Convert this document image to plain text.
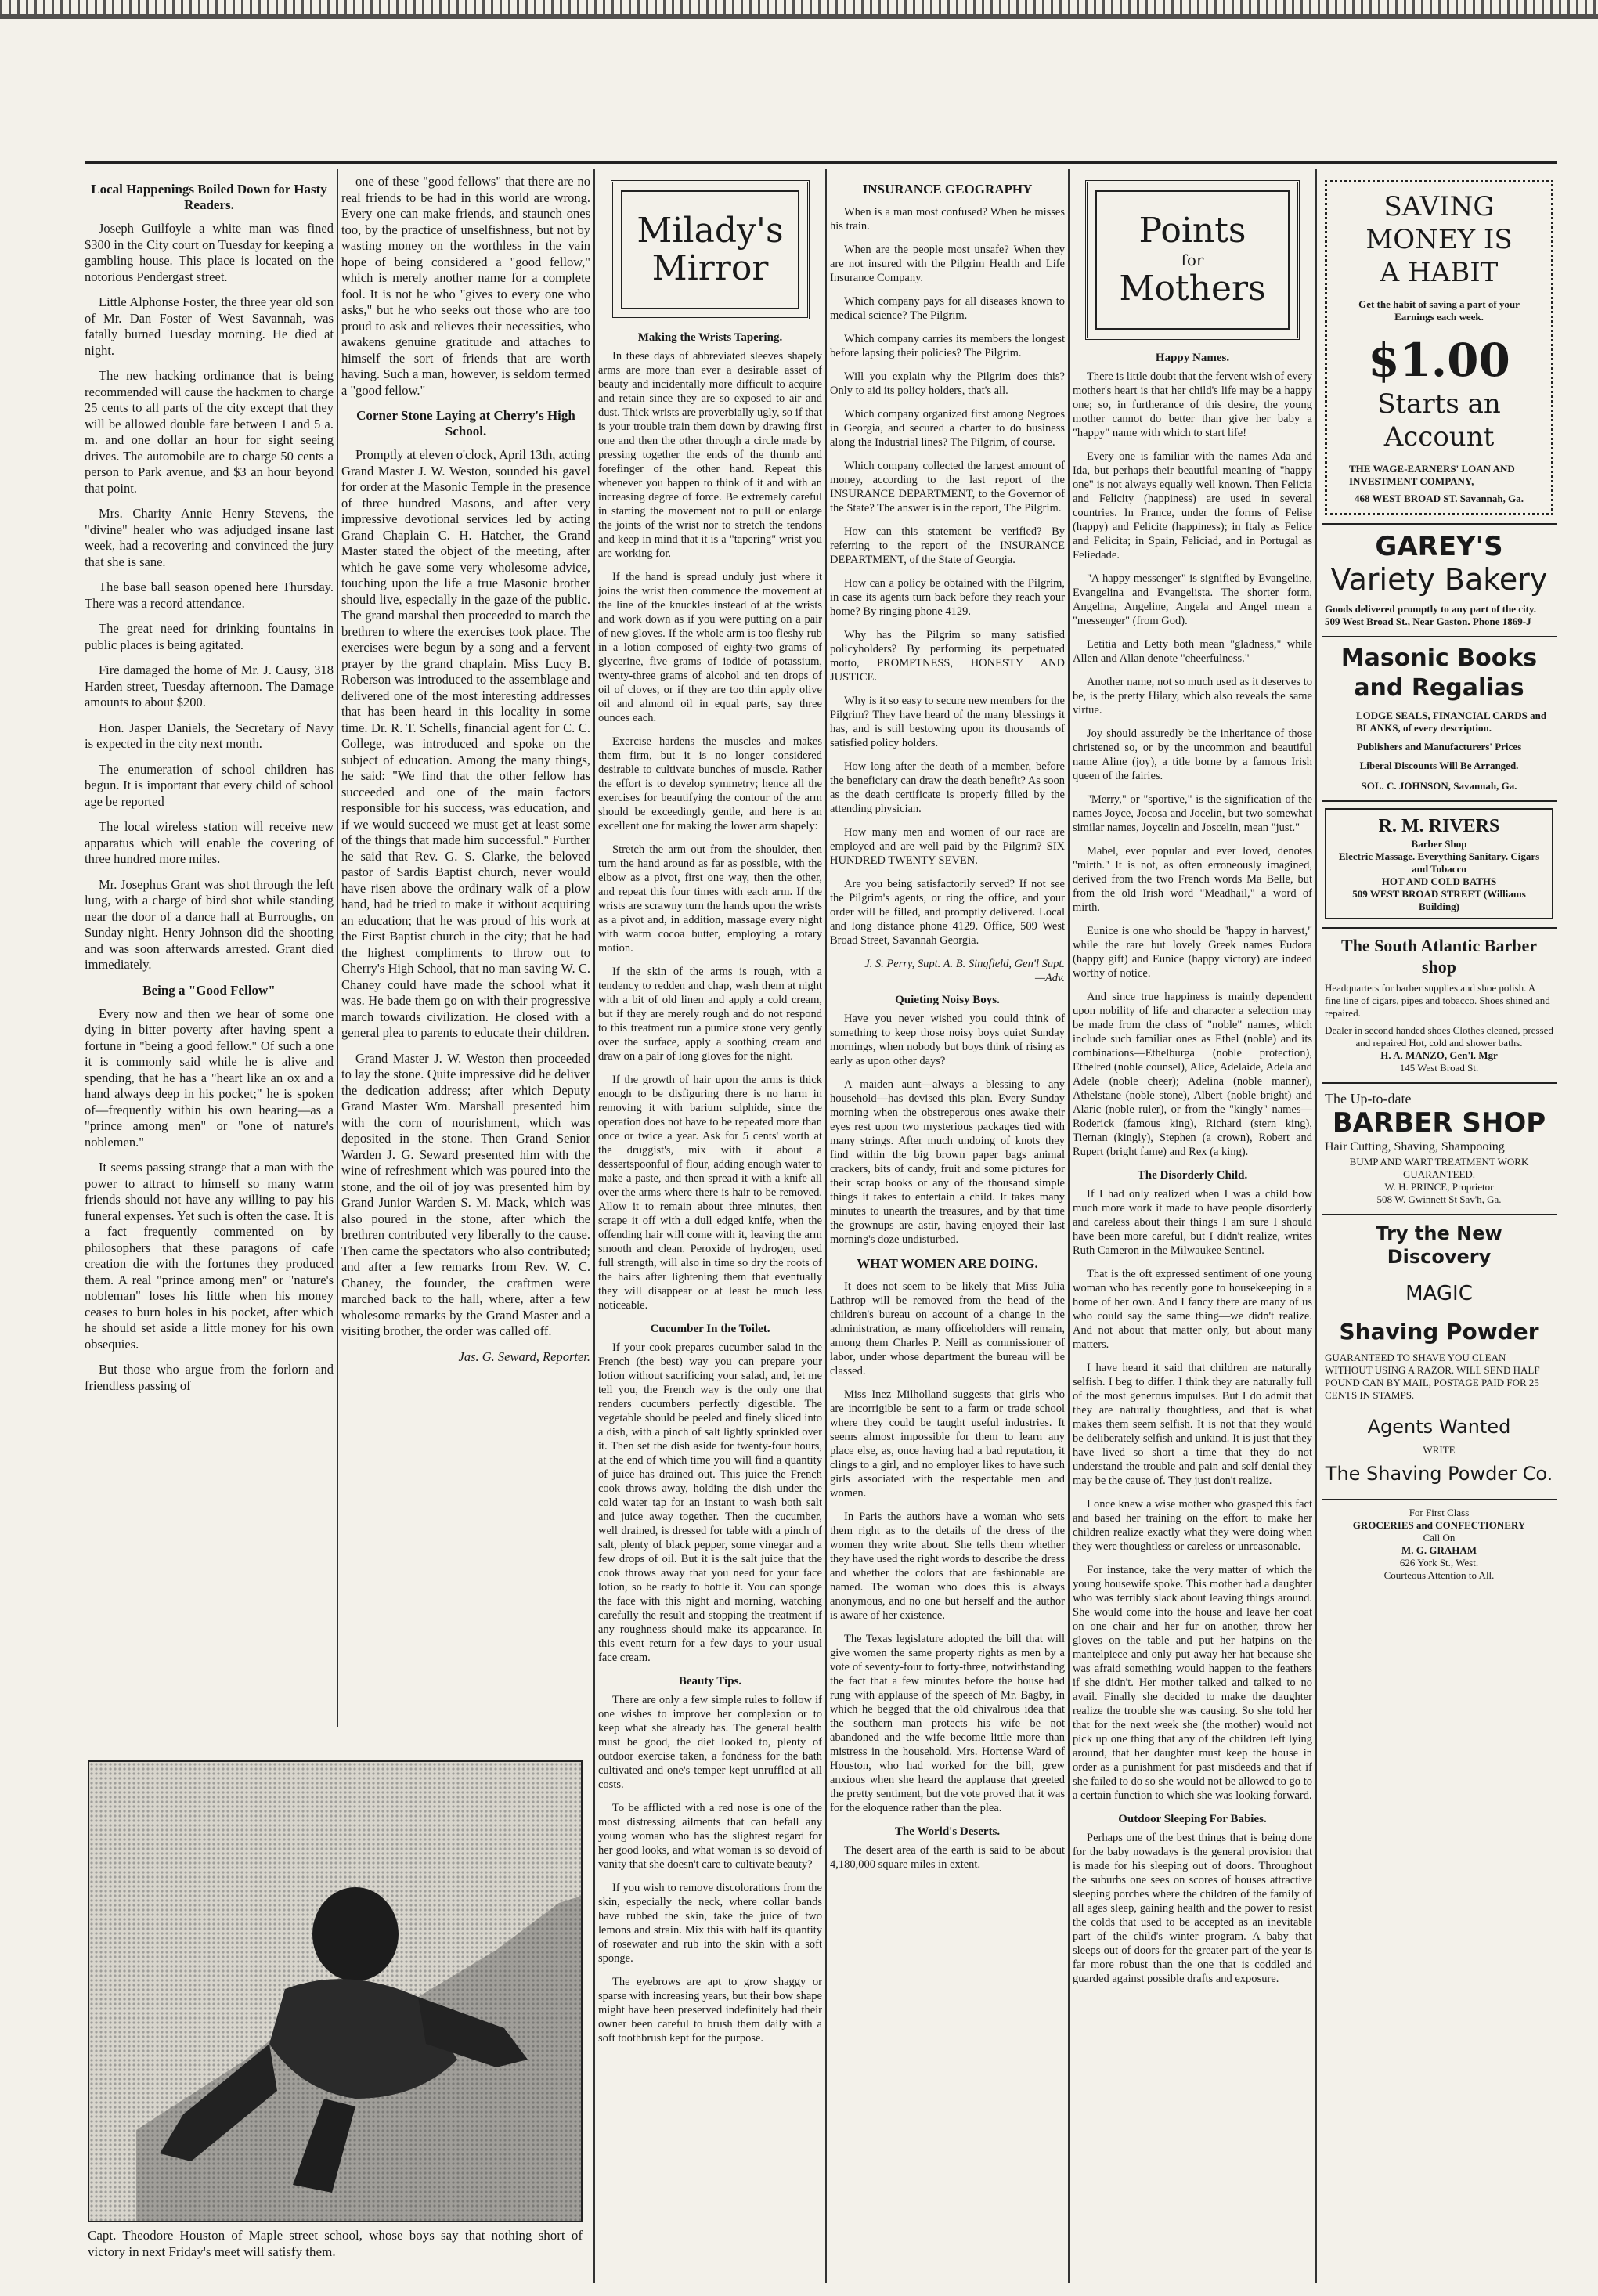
Local Happenings Boiled Down for Hasty Readers.

Joseph Guilfoyle a white man was fined $300 in the City court on Tuesday for keeping a gambling house. This place is located on the notorious Pendergast street.

Little Alphonse Foster, the three year old son of Mr. Dan Foster of West Savannah, was fatally burned Tuesday morning. He died at night.

The new hacking ordinance that is being recommended will cause the hackmen to charge 25 cents to all parts of the city except that they will be allowed double fare between 1 and 5 a. m. and one dollar an hour for sight seeing drives. The automobile are to charge 50 cents a person to Park avenue, and $3 an hour beyond that point.

Mrs. Charity Annie Henry Stevens, the "divine" healer who was adjudged insane last week, had a recovering and convinced the jury that she is sane.

The base ball season opened here Thursday. There was a record attendance.

The great need for drinking fountains in public places is being agitated.

Fire damaged the home of Mr. J. Causy, 318 Harden street, Tuesday afternoon. The Damage amounts to about $200.

Hon. Jasper Daniels, the Secretary of Navy is expected in the city next month.

The enumeration of school children has begun. It is important that every child of school age be reported

The local wireless station will receive new apparatus which will enable the covering of three hundred more miles.

Mr. Josephus Grant was shot through the left lung, with a charge of bird shot while standing near the door of a dance hall at Burroughs, on Sunday night. Henry Johnson did the shooting and was soon afterwards arrested. Grant died immediately.

Being a "Good Fellow"

Every now and then we hear of some one dying in bitter poverty after having spent a fortune in "being a good fellow." Of such a one it is commonly said while he is alive and spending, that he has a "heart like an ox and a hand always deep in his pocket;" he is spoken of—frequently within his own hearing—as a "prince among men" or "one of nature's noblemen."

It seems passing strange that a man with the power to attract to himself so many warm friends should not have any willing to pay his funeral expenses. Yet such is often the case. It is a fact frequently commented on by philosophers that these paragons of cafe creation die with the fortunes they produced them. A real "prince among men" or "nature's nobleman" loses his little when his money ceases to burn holes in his pocket, after which he should set aside a little money for his own obsequies.

But those who argue from the forlorn and friendless passing of

one of these "good fellows" that there are no real friends to be had in this world are wrong. Every one can make friends, and staunch ones too, by the practice of unselfishness, but not by wasting money on the worthless in the vain hope of being considered a "good fellow," which is merely another name for a complete fool. It is not he who "gives to every one who asks," but he who seeks out those who are too proud to ask and relieves their necessities, who awakens genuine gratitude and attaches to himself the sort of friends that are worth having. Such a man, however, is seldom termed a "good fellow."

Corner Stone Laying at Cherry's High School.

Promptly at eleven o'clock, April 13th, acting Grand Master J. W. Weston, sounded his gavel for order at the Masonic Temple in the presence of three hundred Masons, and after very impressive devotional services led by acting Grand Chaplain C. H. Hatcher, the Grand Master stated the object of the meeting, after which he gave some very wholesome advice, touching upon the life a true Masonic brother should live, especially in the gaze of the public. The grand marshal then proceeded to march the brethren to where the exercises took place. The exercises were begun by a song and a fervent prayer by the grand chaplain. Miss Lucy B. Roberson was introduced to the assemblage and delivered one of the most interesting addresses that has been heard in this locality in some time. Dr. R. T. Schells, financial agent for C. C. College, was introduced and spoke on the subject of education. Among the many things, he said: "We find that the other fellow has succeeded and one of the main factors responsible for his success, was education, and if we would succeed we must get at least some of the things that made him successful." Further he said that Rev. G. S. Clarke, the beloved pastor of Sardis Baptist church, never would have risen above the ordinary walk of a plow hand, had he tried to make it without acquiring an education; that he was proud of his work at the First Baptist church in the city; that he had the highest compliments to throw out to Cherry's High School, that no man saving W. C. Chaney could have made the school what it was. He bade them go on with their progressive march towards civilization. He closed with a general plea to parents to educate their children.

Grand Master J. W. Weston then proceeded to lay the stone. Quite impressive did he deliver the dedication address; after which Deputy Grand Master Wm. Marshall presented him with the corn of nourishment, which was deposited in the stone. Then Grand Senior Warden J. G. Seward presented him with the wine of refreshment which was poured into the stone, and the oil of joy was presented him by Grand Junior Warden S. M. Mack, which was also poured in the stone, after which the brethren contributed very liberally to the cause. Then came the spectators who also contributed; and after a few remarks from Rev. W. C. Chaney, the founder, the craftmen were marched back to the hall, where, after a few wholesome remarks by the Grand Master and a visiting brother, the order was called off.

Jas. G. Seward, Reporter.
Capt. Theodore Houston of Maple street school, whose boys say that nothing short of victory in next Friday's meet will satisfy them.
Milady's
Mirror
Making the Wrists Tapering.

In these days of abbreviated sleeves shapely arms are more than ever a desirable asset of beauty and incidentally more difficult to acquire and retain since they are so exposed to air and dust. Thick wrists are proverbially ugly, so if that is your trouble train them down by drawing first one and then the other through a circle made by pressing together the ends of the thumb and forefinger of the other hand. Repeat this whenever you happen to think of it and with an increasing degree of force. Be extremely careful in starting the movement not to pull or enlarge the joints of the wrist nor to stretch the tendons and keep in mind that it is a "tapering" wrist you are working for.

If the hand is spread unduly just where it joins the wrist then commence the movement at the line of the knuckles instead of at the wrists and work down as if you were putting on a pair of new gloves. If the whole arm is too fleshy rub in a lotion composed of eighty-two grams of glycerine, five grams of iodide of potassium, twenty-three grams of alcohol and ten drops of oil of cloves, or if they are too thin apply olive oil and almond oil in equal parts, say three ounces each.

Exercise hardens the muscles and makes them firm, but it is no longer considered desirable to cultivate bunches of muscle. Rather the effort is to develop symmetry; hence all the exercises for beautifying the contour of the arm should be exceedingly gentle, and here is an excellent one for making the lower arm shapely:

Stretch the arm out from the shoulder, then turn the hand around as far as possible, with the elbow as a pivot, first one way, then the other, and repeat this four times with each arm. If the wrists are scrawny turn the hands upon the wrists as a pivot and, in addition, massage every night with warm cocoa butter, employing a rotary motion.

If the skin of the arms is rough, with a tendency to redden and chap, wash them at night with a bit of old linen and apply a cold cream, but if they are merely rough and do not respond to this treatment run a pumice stone very gently over the surface, apply a soothing cream and draw on a pair of long gloves for the night.

If the growth of hair upon the arms is thick enough to be disfiguring there is no harm in removing it with barium sulphide, since the operation does not have to be repeated more than once or twice a year. Ask for 5 cents' worth at the druggist's, mix with it about a dessertspoonful of flour, adding enough water to make a paste, and then spread it with a knife all over the arms where there is hair to be removed. Allow it to remain about three minutes, then scrape it off with a dull edged knife, when the offending hair will come with it, leaving the arm smooth and clean. Peroxide of hydrogen, used full strength, will also in time so dry the roots of the hairs after lightening them that eventually they will disappear or at least be much less noticeable.

Cucumber In the Toilet.

If your cook prepares cucumber salad in the French (the best) way you can prepare your lotion without sacrificing your salad, and, let me tell you, the French way is the only one that renders cucumbers perfectly digestible. The vegetable should be peeled and finely sliced into a dish, with a pinch of salt lightly sprinkled over it. Then set the dish aside for twenty-four hours, at the end of which time you will find a quantity of juice has drained out. This juice the French cook throws away, holding the dish under the cold water tap for an instant to wash both salt and juice away together. Then the cucumber, well drained, is dressed for table with a pinch of salt, plenty of black pepper, some vinegar and a few drops of oil. But it is the salt juice that the cook throws away that you need for your face lotion, so be ready to bottle it. You can sponge the face with this night and morning, watching carefully the result and stopping the treatment if any roughness should make its appearance. In this event return for a few days to your usual face cream.

Beauty Tips.

There are only a few simple rules to follow if one wishes to improve her complexion or to keep what she already has. The general health must be good, the diet looked to, plenty of outdoor exercise taken, a fondness for the bath cultivated and one's temper kept unruffled at all costs.

To be afflicted with a red nose is one of the most distressing ailments that can befall any young woman who has the slightest regard for her good looks, and what woman is so devoid of vanity that she doesn't care to cultivate beauty?

If you wish to remove discolorations from the skin, especially the neck, where collar bands have rubbed the skin, take the juice of two lemons and strain. Mix this with half its quantity of rosewater and rub into the skin with a soft sponge.

The eyebrows are apt to grow shaggy or sparse with increasing years, but their bow shape might have been preserved indefinitely had their owner been careful to brush them daily with a soft toothbrush kept for the purpose.

INSURANCE GEOGRAPHY

When is a man most confused? When he misses his train.

When are the people most unsafe? When they are not insured with the Pilgrim Health and Life Insurance Company.

Which company pays for all diseases known to medical science? The Pilgrim.

Which company carries its members the longest before lapsing their policies? The Pilgrim.

Will you explain why the Pilgrim does this? Only to aid its policy holders, that's all.

Which company organized first among Negroes in Georgia, and secured a charter to do business along the Industrial lines? The Pilgrim, of course.

Which company collected the largest amount of money, according to the last report of the INSURANCE DEPARTMENT, to the Governor of the State? The answer is in the report, The Pilgrim.

How can this statement be verified? By referring to the report of the INSURANCE DEPARTMENT, of the State of Georgia.

How can a policy be obtained with the Pilgrim, in case its agents turn back before they reach your home? By ringing phone 4129.

Why has the Pilgrim so many satisfied policyholders? By performing its perpetuated motto, PROMPTNESS, HONESTY AND JUSTICE.

Why is it so easy to secure new members for the Pilgrim? They have heard of the many blessings it has, and is still bestowing upon its thousands of satisfied policy holders.

How long after the death of a member, before the beneficiary can draw the death benefit? As soon as the death certificate is properly filled by the attending physician.

How many men and women of our race are employed and are well paid by the Pilgrim? SIX HUNDRED TWENTY SEVEN.

Are you being satisfactorily served? If not see the Pilgrim's agents, or ring the office, and your order will be filled, and promptly delivered. Local and long distance phone 4129. Office, 509 West Broad Street, Savannah Georgia.

J. S. Perry, Supt. A. B. Singfield, Gen'l Supt.
—Adv.
Quieting Noisy Boys.

Have you never wished you could think of something to keep those noisy boys quiet Sunday mornings, when nobody but boys think of rising as early as upon other days?

A maiden aunt—always a blessing to any household—has devised this plan. Every Sunday morning when the obstreperous ones awake their eyes rest upon two mysterious packages tied with many strings. After much undoing of knots they find within the big brown paper bags animal crackers, bits of candy, fruit and some pictures for their scrap books or any of the thousand simple things it takes to entertain a child. It takes many minutes to unearth the treasures, and by that time the grownups are astir, having enjoyed their last morning's doze undisturbed.

WHAT WOMEN ARE DOING.

It does not seem to be likely that Miss Julia Lathrop will be removed from the head of the children's bureau on account of a change in the administration, as many officeholders will remain, among them Charles P. Neill as commissioner of labor, under whose department the bureau will be classed.

Miss Inez Milholland suggests that girls who are incorrigible be sent to a farm or trade school where they could be taught useful industries. It seems almost impossible for them to learn any place else, as, once having had a bad reputation, it clings to a girl, and no employer likes to have such girls associated with the respectable men and women.

In Paris the authors have a woman who sets them right as to the details of the dress of the women they write about. She tells them whether they have used the right words to describe the dress and whether the colors that are fashionable are named. The woman who does this is always anonymous, and no one but herself and the author is aware of her existence.

The Texas legislature adopted the bill that will give women the same property rights as men by a vote of seventy-four to forty-three, notwithstanding the fact that a few minutes before the house had rung with applause of the speech of Mr. Bagby, in which he begged that the old chivalrous idea that the southern man protects his wife be not abandoned and the wife become little more than mistress in the household. Mrs. Hortense Ward of Houston, who had worked for the bill, grew anxious when she heard the applause that greeted the pretty sentiment, but the vote proved that it was for the eloquence rather than the plea.

The World's Deserts.

The desert area of the earth is said to be about 4,180,000 square miles in extent.

Points
for
Mothers
Happy Names.

There is little doubt that the fervent wish of every mother's heart is that her child's life may be a happy one; so, in furtherance of this desire, the young mother cannot do better than give her baby a "happy" name with which to start life!

Every one is familiar with the names Ada and Ida, but perhaps their beautiful meaning of "happy one" is not always equally well known. Then Felicia and Felicity (happiness) are used in several countries. In France, under the forms of Felise (happy) and Felicite (happiness); in Italy as Felice and Felicita; in Spain, Feliciad, and in Portugal as Feliedade.

"A happy messenger" is signified by Evangeline, Evangelina and Evangelista. The shorter form, Angelina, Angeline, Angela and Angel mean a "messenger" (from God).

Letitia and Letty both mean "gladness," while Allen and Allan denote "cheerfulness."

Another name, not so much used as it deserves to be, is the pretty Hilary, which also reveals the same virtue.

Joy should assuredly be the inheritance of those christened so, or by the uncommon and beautiful name Aline (joy), a title borne by a famous Irish queen of the fairies.

"Merry," or "sportive," is the signification of the names Joyce, Jocosa and Jocelin, but two somewhat similar names, Joycelin and Joscelin, mean "just."

Mabel, ever popular and ever loved, denotes "mirth." It is not, as often erroneously imagined, derived from the two French words Ma Belle, but from the old Irish word "Meadhail," a word of mirth.

Eunice is one who should be "happy in harvest," while the rare but lovely Greek names Eudora (happy gift) and Eunice (happy victory) are indeed worthy of notice.

And since true happiness is mainly dependent upon nobility of life and character a selection may be made from the class of "noble" names, which include such familiar ones as Ethel (noble) and its combinations—Ethelburga (noble protection), Ethelred (noble counsel), Alice, Adelaide, Adela and Adele (noble cheer); Adelina (noble manner), Athelstane (noble stone), Albert (noble bright) and Alaric (noble ruler), or from the "kingly" names—Roderick (famous king), Richard (stern king), Tiernan (kingly), Stephen (a crown), Robert and Rupert (bright fame) and Rex (a king).

The Disorderly Child.

If I had only realized when I was a child how much more work it made to have people disorderly and careless about their things I am sure I should have been more careful, but I didn't realize, writes Ruth Cameron in the Milwaukee Sentinel.

That is the oft expressed sentiment of one young woman who has recently gone to housekeeping in a home of her own. And I fancy there are many of us who could say the same thing—we didn't realize. And not about that matter only, but about many matters.

I have heard it said that children are naturally selfish. I beg to differ. I think they are naturally full of the most generous impulses. But I do admit that they are naturally thoughtless, and that is what makes them seem selfish. It is not that they would be deliberately selfish and unkind. It is just that they have lived so short a time that they do not understand the trouble and pain and self denial they may be the cause of. They just don't realize.

I once knew a wise mother who grasped this fact and based her training on the effort to make her children realize exactly what they were doing when they were thoughtless or careless or unreasonable.

For instance, take the very matter of which the young housewife spoke. This mother had a daughter who was terribly slack about leaving things around. She would come into the house and leave her coat on one chair and her fur on another, throw her gloves on the table and put her hatpins on the mantelpiece and only put away her hat because she was afraid something would happen to the feathers if she didn't. Her mother talked and talked to no avail. Finally she decided to make the daughter realize the trouble she was causing. So she told her that for the next week she (the mother) would not pick up one thing that any of the children left lying around, that her daughter must keep the house in order as a punishment for past misdeeds and that if she failed to do so she would not be allowed to go to a certain function to which she was looking forward.

Outdoor Sleeping For Babies.

Perhaps one of the best things that is being done for the baby nowadays is the general provision that is made for his sleeping out of doors. Throughout the suburbs one sees on scores of houses attractive sleeping porches where the children of the family of all ages sleep, gaining health and the power to resist the colds that used to be accepted as an inevitable part of the child's winter program. A baby that sleeps out of doors for the greater part of the year is far more robust than the one that is coddled and guarded against possible drafts and exposure.

SAVING
MONEY IS
A HABIT
Get the habit of saving a part of your Earnings each week.
$1.00
Starts an
Account
THE WAGE-EARNERS' LOAN AND INVESTMENT COMPANY,
468 WEST BROAD ST. Savannah, Ga.
GAREY'S
Variety Bakery
Goods delivered promptly to any part of the city.
509 West Broad St., Near Gaston. Phone 1869-J
Masonic Books and Regalias
LODGE SEALS, FINANCIAL CARDS and BLANKS, of every description.
Publishers and Manufacturers' Prices
Liberal Discounts Will Be Arranged.
SOL. C. JOHNSON, Savannah, Ga.
R. M. RIVERS
Barber Shop
Electric Massage. Everything Sanitary. Cigars and Tobacco
HOT AND COLD BATHS
509 WEST BROAD STREET (Williams Building)
The South Atlantic Barber shop
Headquarters for barber supplies and shoe polish. A fine line of cigars, pipes and tobacco. Shoes shined and repaired.
Dealer in second handed shoes Clothes cleaned, pressed and repaired Hot, cold and shower baths.
H. A. MANZO, Gen'l. Mgr
145 West Broad St.
The Up-to-date
BARBER SHOP
Hair Cutting, Shaving, Shampooing
BUMP AND WART TREATMENT WORK GUARANTEED.
W. H. PRINCE, Proprietor
508 W. Gwinnett St Sav'h, Ga.
Try the New Discovery
MAGIC
Shaving Powder
GUARANTEED TO SHAVE YOU CLEAN WITHOUT USING A RAZOR. WILL SEND HALF POUND CAN BY MAIL, POSTAGE PAID FOR 25 CENTS IN STAMPS.
Agents Wanted
WRITE
The Shaving Powder Co.
For First Class
GROCERIES and CONFECTIONERY
Call On
M. G. GRAHAM
626 York St., West.
Courteous Attention to All.
